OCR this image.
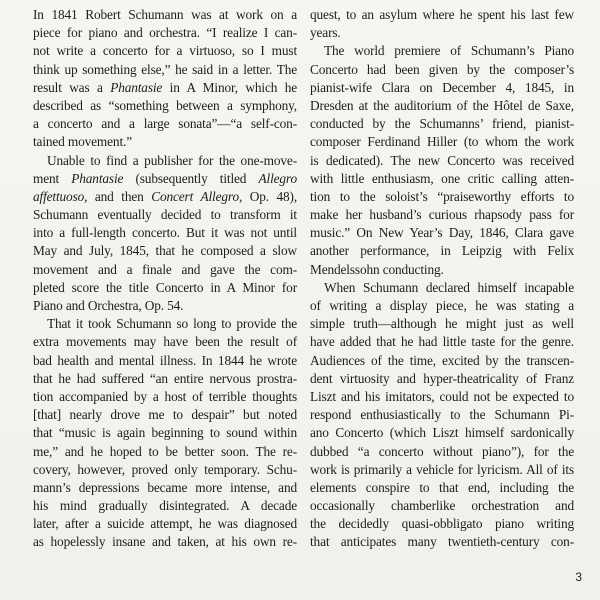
In 1841 Robert Schumann was at work on a
piece for piano and orchestra. “I realize I can-
not write a concerto for a virtuoso, so I must
think up something else,” he said in a letter. The
result was a Phantasie in A Minor, which he
described as “something between a symphony,
a concerto and a large sonata”—“a self-con-
tained movement.”
Unable to find a publisher for the one-move-
ment Phantasie (subsequently titled Allegro
affettuoso, and then Concert Allegro, Op. 48),
Schumann eventually decided to transform it
into a full-length concerto. But it was not until
May and July, 1845, that he composed a slow
movement and a finale and gave the com-
pleted score the title Concerto in A Minor for
Piano and Orchestra, Op. 54.
That it took Schumann so long to provide the
extra movements may have been the result of
bad health and mental illness. In 1844 he wrote
that he had suffered “an entire nervous prostra-
tion accompanied by a host of terrible thoughts
[that] nearly drove me to despair” but noted
that “music is again beginning to sound within
me,” and he hoped to be better soon. The re-
covery, however, proved only temporary. Schu-
mann’s depressions became more intense, and
his mind gradually disintegrated. A decade
later, after a suicide attempt, he was diagnosed
as hopelessly insane and taken, at his own re-
quest, to an asylum where he spent his last few
years.
The world premiere of Schumann’s Piano
Concerto had been given by the composer’s
pianist-wife Clara on December 4, 1845, in
Dresden at the auditorium of the Hôtel de Saxe,
conducted by the Schumanns’ friend, pianist-
composer Ferdinand Hiller (to whom the work
is dedicated). The new Concerto was received
with little enthusiasm, one critic calling atten-
tion to the soloist’s “praiseworthy efforts to
make her husband’s curious rhapsody pass for
music.” On New Year’s Day, 1846, Clara gave
another performance, in Leipzig with Felix
Mendelssohn conducting.
When Schumann declared himself incapable
of writing a display piece, he was stating a
simple truth—although he might just as well
have added that he had little taste for the genre.
Audiences of the time, excited by the transcen-
dent virtuosity and hyper-theatricality of Franz
Liszt and his imitators, could not be expected to
respond enthusiastically to the Schumann Pi-
ano Concerto (which Liszt himself sardonically
dubbed “a concerto without piano”), for the
work is primarily a vehicle for lyricism. All of its
elements conspire to that end, including the
occasionally chamberlike orchestration and
the decidedly quasi-obbligato piano writing
that anticipates many twentieth-century con-
3
